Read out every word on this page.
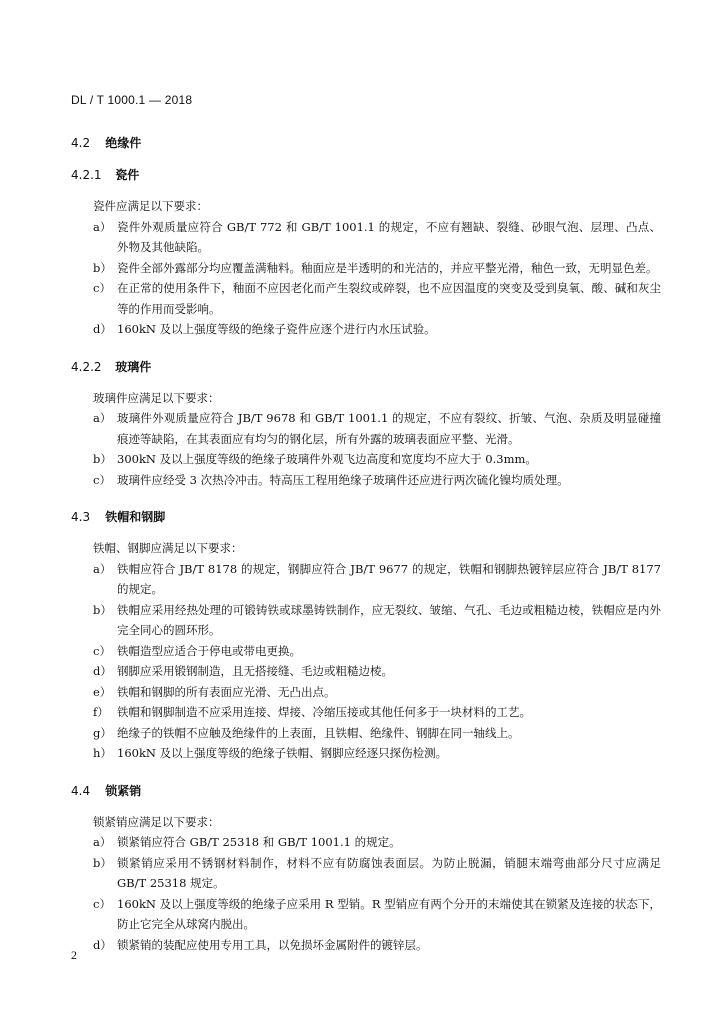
DL / T 1000.1 — 2018
4.2 绝缘件
4.2.1 瓷件
瓷件应满足以下要求：
a） 瓷件外观质量应符合 GB/T 772 和 GB/T 1001.1 的规定，不应有翘缺、裂缝、砂眼气泡、层理、凸点、外物及其他缺陷。
b） 瓷件全部外露部分均应覆盖满釉料。釉面应是半透明的和光洁的，并应平整光滑，釉色一致，无明显色差。
c） 在正常的使用条件下，釉面不应因老化而产生裂纹或碎裂，也不应因温度的突变及受到臭氧、酸、碱和灰尘等的作用而受影响。
d） 160kN 及以上强度等级的绝缘子瓷件应逐个进行内水压试验。
4.2.2 玻璃件
玻璃件应满足以下要求：
a） 玻璃件外观质量应符合 JB/T 9678 和 GB/T 1001.1 的规定，不应有裂纹、折皱、气泡、杂质及明显碰撞痕迹等缺陷，在其表面应有均匀的钢化层，所有外露的玻璃表面应平整、光滑。
b） 300kN 及以上强度等级的绝缘子玻璃件外观飞边高度和宽度均不应大于 0.3mm。
c） 玻璃件应经受 3 次热冷冲击。特高压工程用绝缘子玻璃件还应进行两次硫化镍均质处理。
4.3 铁帽和钢脚
铁帽、钢脚应满足以下要求：
a） 铁帽应符合 JB/T 8178 的规定，钢脚应符合 JB/T 9677 的规定，铁帽和钢脚热镀锌层应符合 JB/T 8177 的规定。
b） 铁帽应采用经热处理的可锻铸铁或球墨铸铁制作，应无裂纹、皱缩、气孔、毛边或粗糙边棱，铁帽应是内外完全同心的圆环形。
c） 铁帽造型应适合于停电或带电更换。
d） 钢脚应采用锻钢制造，且无搭接缝、毛边或粗糙边棱。
e） 铁帽和钢脚的所有表面应光滑、无凸出点。
f） 铁帽和钢脚制造不应采用连接、焊接、冷缩压接或其他任何多于一块材料的工艺。
g） 绝缘子的铁帽不应触及绝缘件的上表面，且铁帽、绝缘件、钢脚在同一轴线上。
h） 160kN 及以上强度等级的绝缘子铁帽、钢脚应经逐只探伤检测。
4.4 锁紧销
锁紧销应满足以下要求：
a） 锁紧销应符合 GB/T 25318 和 GB/T 1001.1 的规定。
b） 锁紧销应采用不锈钢材料制作，材料不应有防腐蚀表面层。为防止脱漏，销腿末端弯曲部分尺寸应满足 GB/T 25318 规定。
c） 160kN 及以上强度等级的绝缘子应采用 R 型销。R 型销应有两个分开的末端使其在锁紧及连接的状态下，防止它完全从球窝内脱出。
d） 锁紧销的装配应使用专用工具，以免损坏金属附件的镀锌层。
2
